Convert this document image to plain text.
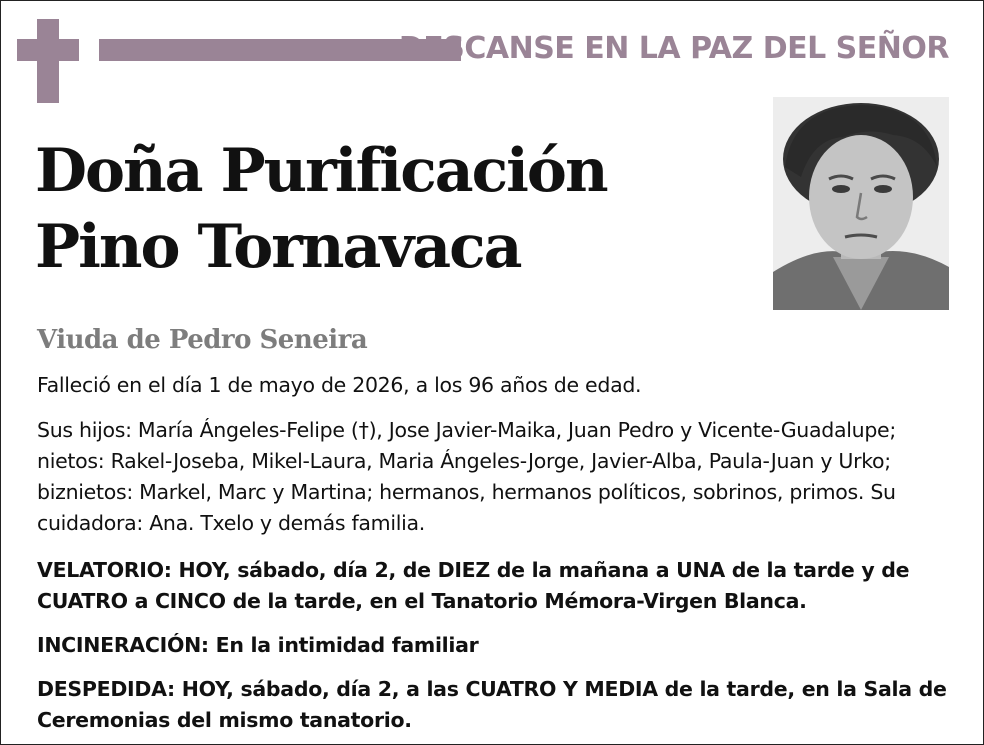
DESCANSE EN LA PAZ DEL SEÑOR
Doña Purificación
Pino Tornavaca
Viuda de Pedro Seneira

Falleció en el día 1 de mayo de 2026, a los 96 años de edad.

Sus hijos: María Ángeles-Felipe (†), Jose Javier-Maika, Juan Pedro y Vicente-Guadalupe; nietos: Rakel-Joseba, Mikel-Laura, Maria Ángeles-Jorge, Javier-Alba, Paula-Juan y Urko; biznietos: Markel, Marc y Martina; hermanos, hermanos políticos, sobrinos, primos. Su cuidadora: Ana. Txelo y demás familia.

VELATORIO: HOY, sábado, día 2, de DIEZ de la mañana a UNA de la tarde y de CUATRO a CINCO de la tarde, en el Tanatorio Mémora-Virgen Blanca.

INCINERACIÓN: En la intimidad familiar

DESPEDIDA: HOY, sábado, día 2, a las CUATRO Y MEDIA de la tarde, en la Sala de Ceremonias del mismo tanatorio.
